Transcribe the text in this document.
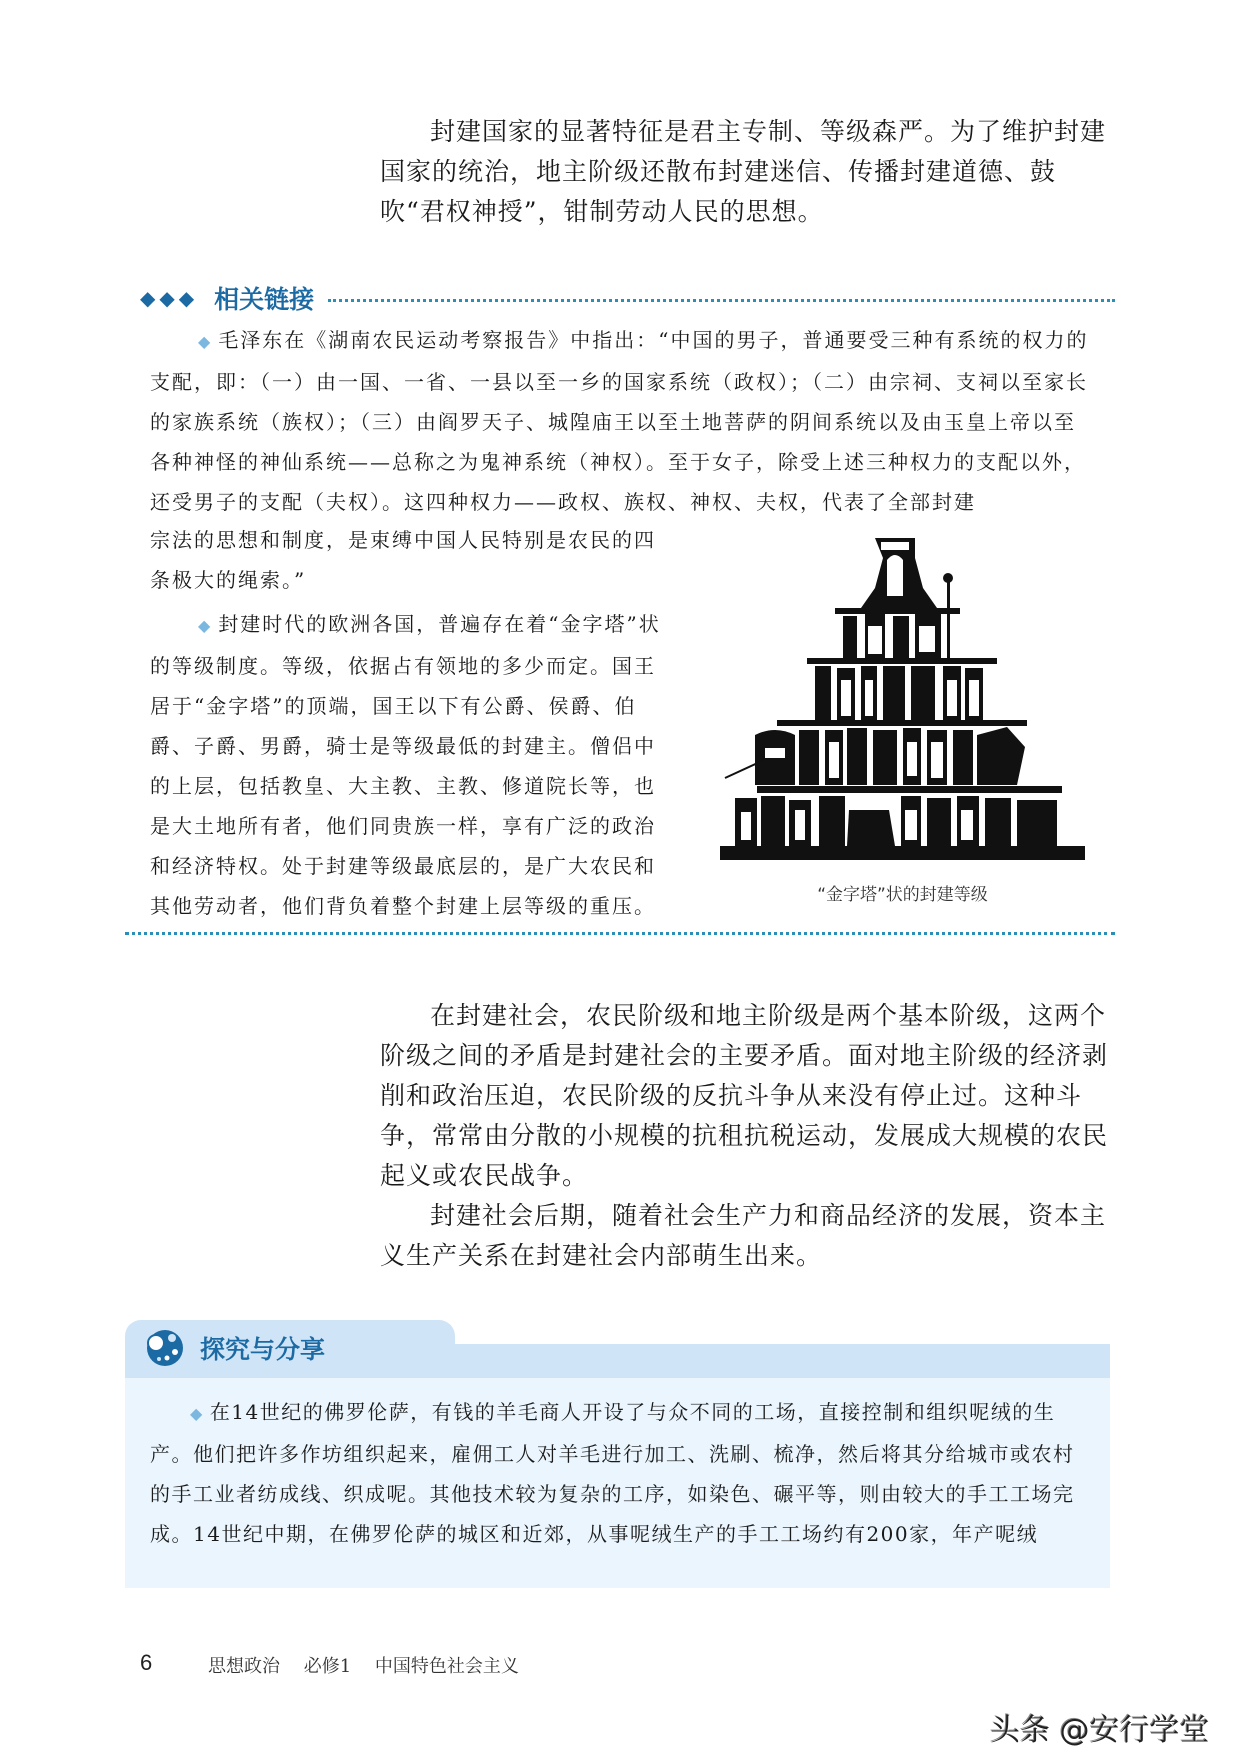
封建国家的显著特征是君主专制、等级森严。为了维护封建国家的统治，地主阶级还散布封建迷信、传播封建道德、鼓吹“君权神授”，钳制劳动人民的思想。

◆◆◆ 相关链接

◆ 毛泽东在《湖南农民运动考察报告》中指出：“中国的男子，普通要受三种有系统的权力的支配，即：（一）由一国、一省、一县以至一乡的国家系统（政权）；（二）由宗祠、支祠以至家长的家族系统（族权）；（三）由阎罗天子、城隍庙王以至土地菩萨的阴间系统以及由玉皇上帝以至各种神怪的神仙系统——总称之为鬼神系统（神权）。至于女子，除受上述三种权力的支配以外，还受男子的支配（夫权）。这四种权力——政权、族权、神权、夫权，代表了全部封建

宗法的思想和制度，是束缚中国人民特别是农民的四条极大的绳索。”

◆ 封建时代的欧洲各国，普遍存在着“金字塔”状的等级制度。等级，依据占有领地的多少而定。国王居于“金字塔”的顶端，国王以下有公爵、侯爵、伯爵、子爵、男爵，骑士是等级最低的封建主。僧侣中的上层，包括教皇、大主教、主教、修道院长等，也是大土地所有者，他们同贵族一样，享有广泛的政治和经济特权。处于封建等级最底层的，是广大农民和其他劳动者，他们背负着整个封建上层等级的重压。	“金字塔”状的封建等级

在封建社会，农民阶级和地主阶级是两个基本阶级，这两个阶级之间的矛盾是封建社会的主要矛盾。面对地主阶级的经济剥削和政治压迫，农民阶级的反抗斗争从来没有停止过。这种斗争，常常由分散的小规模的抗租抗税运动，发展成大规模的农民起义或农民战争。

封建社会后期，随着社会生产力和商品经济的发展，资本主义生产关系在封建社会内部萌生出来。

探究与分享

◆ 在14世纪的佛罗伦萨，有钱的羊毛商人开设了与众不同的工场，直接控制和组织呢绒的生产。他们把许多作坊组织起来，雇佣工人对羊毛进行加工、洗刷、梳净，然后将其分给城市或农村的手工业者纺成线、织成呢。其他技术较为复杂的工序，如染色、碾平等，则由较大的手工工场完成。14世纪中期，在佛罗伦萨的城区和近郊，从事呢绒生产的手工工场约有200家，年产呢绒

6	思想政治 必修1 中国特色社会主义
头条 @安行学堂
